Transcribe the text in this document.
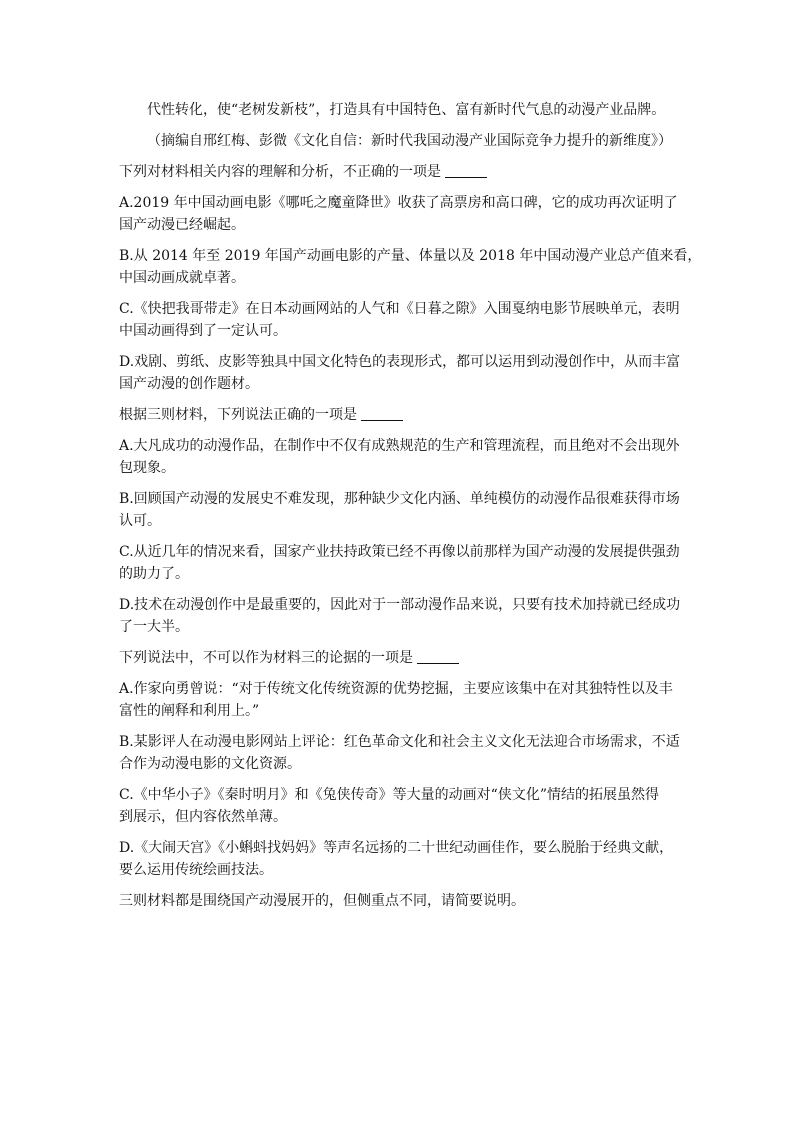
代性转化，使“老树发新枝”，打造具有中国特色、富有新时代气息的动漫产业品牌。

（摘编自邢红梅、彭微《文化自信：新时代我国动漫产业国际竞争力提升的新维度》）

下列对材料相关内容的理解和分析，不正确的一项是

A.2019 年中国动画电影《哪吒之魔童降世》收获了高票房和高口碑，它的成功再次证明了

国产动漫已经崛起。

B.从 2014 年至 2019 年国产动画电影的产量、体量以及 2018 年中国动漫产业总产值来看，

中国动画成就卓著。

C.《快把我哥带走》在日本动画网站的人气和《日暮之隙》入围戛纳电影节展映单元，表明

中国动画得到了一定认可。

D.戏剧、剪纸、皮影等独具中国文化特色的表现形式，都可以运用到动漫创作中，从而丰富

国产动漫的创作题材。

根据三则材料，下列说法正确的一项是

A.大凡成功的动漫作品，在制作中不仅有成熟规范的生产和管理流程，而且绝对不会出现外

包现象。

B.回顾国产动漫的发展史不难发现，那种缺少文化内涵、单纯模仿的动漫作品很难获得市场

认可。

C.从近几年的情况来看，国家产业扶持政策已经不再像以前那样为国产动漫的发展提供强劲

的助力了。

D.技术在动漫创作中是最重要的，因此对于一部动漫作品来说，只要有技术加持就已经成功

了一大半。

下列说法中，不可以作为材料三的论据的一项是

A.作家向勇曾说：“对于传统文化传统资源的优势挖掘，主要应该集中在对其独特性以及丰

富性的阐释和利用上。”

B.某影评人在动漫电影网站上评论：红色革命文化和社会主义文化无法迎合市场需求，不适

合作为动漫电影的文化资源。

C.《中华小子》《秦时明月》和《兔侠传奇》等大量的动画对“侠文化”情结的拓展虽然得

到展示，但内容依然单薄。

D.《大闹天宫》《小蝌蚪找妈妈》等声名远扬的二十世纪动画佳作，要么脱胎于经典文献，

要么运用传统绘画技法。

三则材料都是围绕国产动漫展开的，但侧重点不同，请简要说明。
